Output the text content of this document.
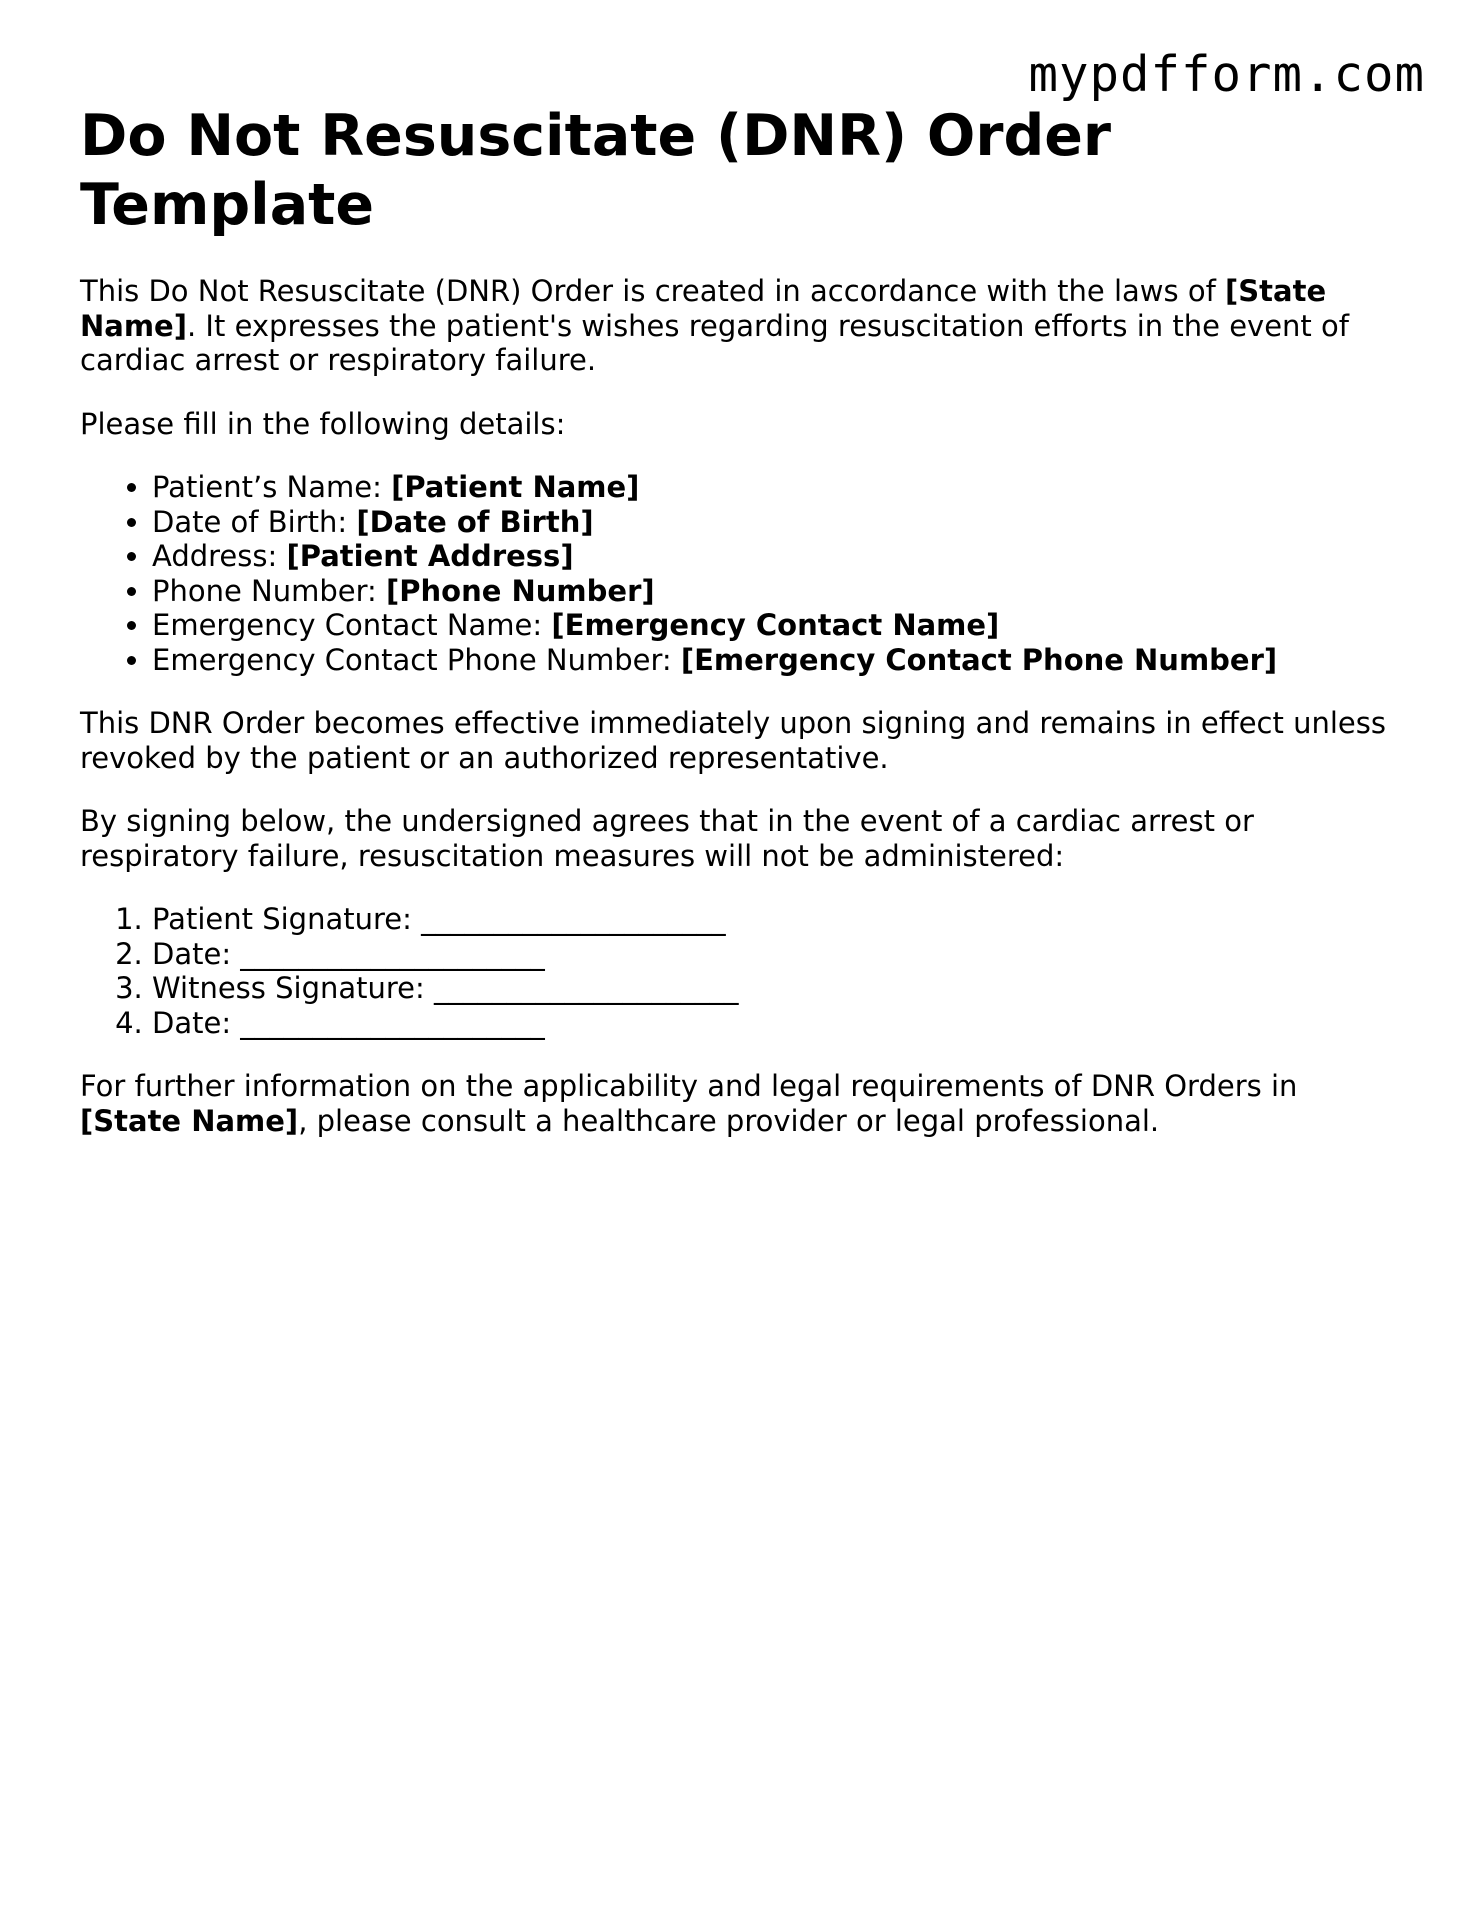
mypdfform.com
Do Not Resuscitate (DNR) Order Template

This Do Not Resuscitate (DNR) Order is created in accordance with the laws of [State Name]. It expresses the patient's wishes regarding resuscitation efforts in the event of cardiac arrest or respiratory failure.

Please fill in the following details:

• Patient’s Name: [Patient Name]
• Date of Birth: [Date of Birth]
• Address: [Patient Address]
• Phone Number: [Phone Number]
• Emergency Contact Name: [Emergency Contact Name]
• Emergency Contact Phone Number: [Emergency Contact Phone Number]

This DNR Order becomes effective immediately upon signing and remains in effect unless revoked by the patient or an authorized representative.

By signing below, the undersigned agrees that in the event of a cardiac arrest or respiratory failure, resuscitation measures will not be administered:

1. Patient Signature: _____________________
2. Date: _____________________
3. Witness Signature: _____________________
4. Date: _____________________

For further information on the applicability and legal requirements of DNR Orders in [State Name], please consult a healthcare provider or legal professional.
